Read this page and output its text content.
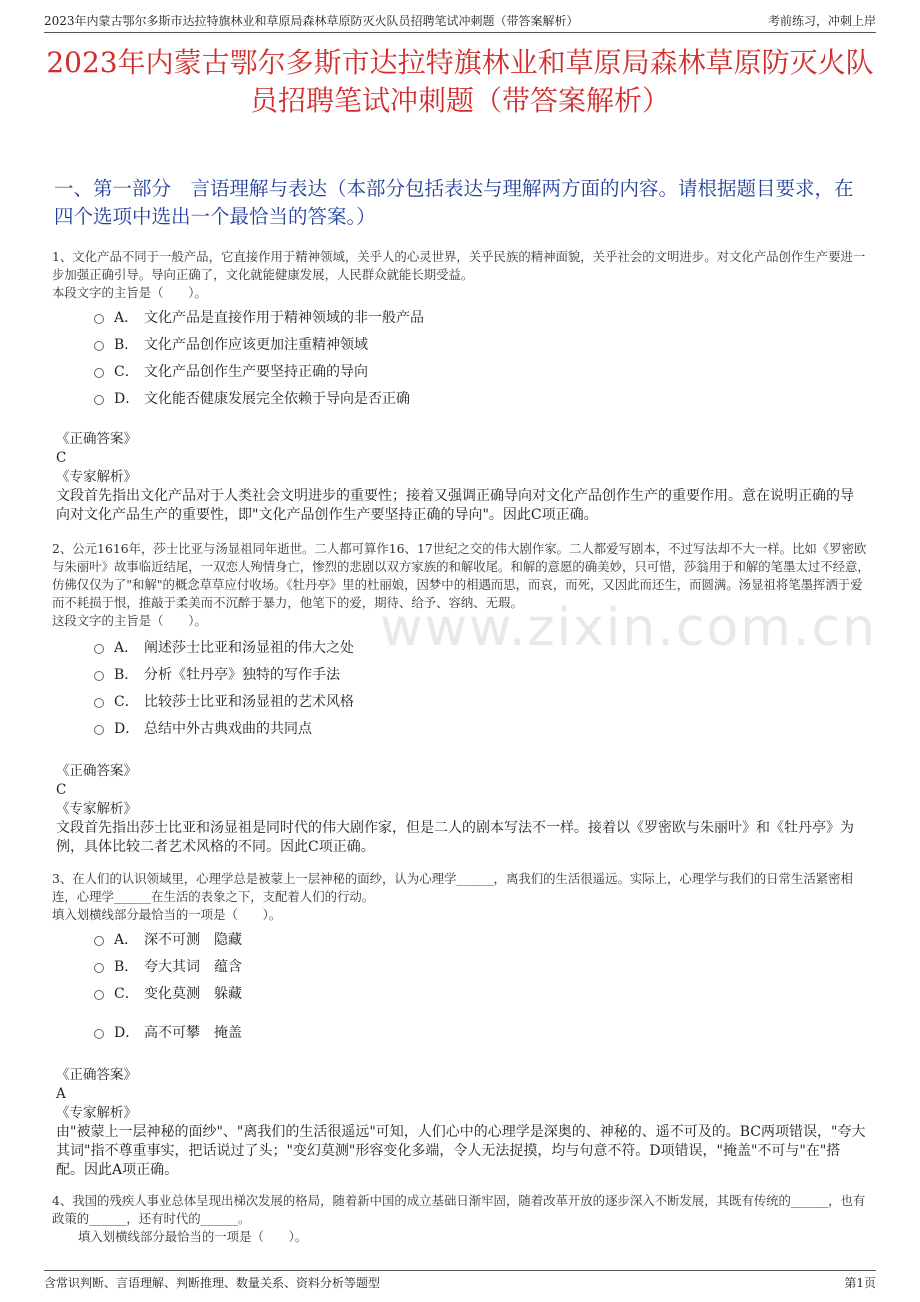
2023年内蒙古鄂尔多斯市达拉特旗林业和草原局森林草原防灭火队员招聘笔试冲刺题（带答案解析）	考前练习，冲刺上岸
2023年内蒙古鄂尔多斯市达拉特旗林业和草原局森林草原防灭火队员招聘笔试冲刺题（带答案解析）
一、第一部分　言语理解与表达（本部分包括表达与理解两方面的内容。请根据题目要求，在四个选项中选出一个最恰当的答案。）
www.zixin.com.cn

1、文化产品不同于一般产品，它直接作用于精神领域，关乎人的心灵世界，关乎民族的精神面貌，关乎社会的文明进步。对文化产品创作生产要进一步加强正确引导。导向正确了，文化就能健康发展，人民群众就能长期受益。

本段文字的主旨是（　　）。

A． 文化产品是直接作用于精神领域的非一般产品
B． 文化产品创作应该更加注重精神领域
C． 文化产品创作生产要坚持正确的导向
D． 文化能否健康发展完全依赖于导向是否正确

《正确答案》

C

《专家解析》

文段首先指出文化产品对于人类社会文明进步的重要性；接着又强调正确导向对文化产品创作生产的重要作用。意在说明正确的导向对文化产品生产的重要性，即"文化产品创作生产要坚持正确的导向"。因此C项正确。

2、公元1616年，莎士比亚与汤显祖同年逝世。二人都可算作16、17世纪之交的伟大剧作家。二人都爱写剧本，不过写法却不大一样。比如《罗密欧与朱丽叶》故事临近结尾，一双恋人殉情身亡，惨烈的悲剧以双方家族的和解收尾。和解的意愿的确美妙，只可惜，莎翁用于和解的笔墨太过不经意，仿佛仅仅为了"和解"的概念草草应付收场。《牡丹亭》里的杜丽娘，因梦中的相遇而思，而哀，而死，又因此而还生，而圆满。汤显祖将笔墨挥洒于爱而不耗损于恨，推敲于柔美而不沉醉于暴力，他笔下的爱，期待、给予、容纳、无瑕。

这段文字的主旨是（　　）。

A． 阐述莎士比亚和汤显祖的伟大之处
B． 分析《牡丹亭》独特的写作手法
C． 比较莎士比亚和汤显祖的艺术风格
D． 总结中外古典戏曲的共同点

《正确答案》

C

《专家解析》

文段首先指出莎士比亚和汤显祖是同时代的伟大剧作家，但是二人的剧本写法不一样。接着以《罗密欧与朱丽叶》和《牡丹亭》为例，具体比较二者艺术风格的不同。因此C项正确。

3、在人们的认识领域里，心理学总是被蒙上一层神秘的面纱，认为心理学______，离我们的生活很遥远。实际上，心理学与我们的日常生活紧密相连，心理学______在生活的表象之下，支配着人们的行动。

填入划横线部分最恰当的一项是（　　）。

A． 深不可测　隐藏
B． 夸大其词　蕴含
C． 变化莫测　躲藏
D． 高不可攀　掩盖

《正确答案》

A

《专家解析》

由"被蒙上一层神秘的面纱"、"离我们的生活很遥远"可知，人们心中的心理学是深奥的、神秘的、遥不可及的。BC两项错误，"夸大其词"指不尊重事实，把话说过了头；"变幻莫测"形容变化多端，令人无法捉摸，均与句意不符。D项错误，"掩盖"不可与"在"搭配。因此A项正确。

4、我国的残疾人事业总体呈现出梯次发展的格局，随着新中国的成立基础日渐牢固，随着改革开放的逐步深入不断发展，其既有传统的______，也有政策的______，还有时代的______。

填入划横线部分最恰当的一项是（　　）。

含常识判断、言语理解、判断推理、数量关系、资料分析等题型	第1页
